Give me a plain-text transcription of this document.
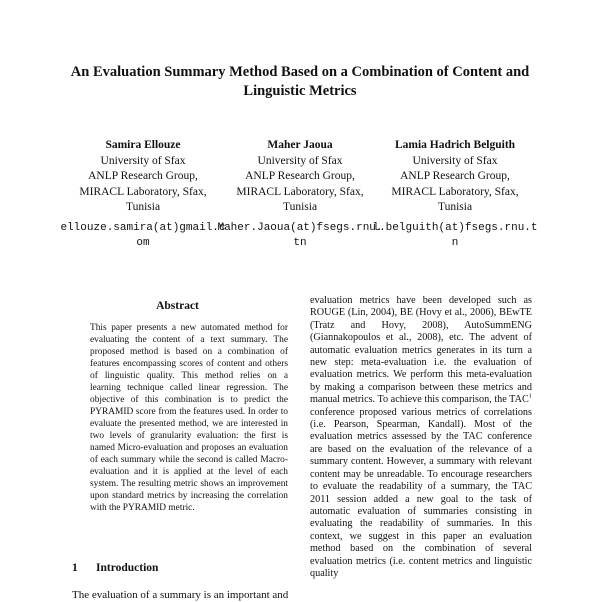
An Evaluation Summary Method Based on a Combination of Content and Linguistic Metrics
Samira Ellouze
University of Sfax
ANLP Research Group,
MIRACL Laboratory, Sfax,
Tunisia
ellouze.samira(at)gmail.com
Maher Jaoua
University of Sfax
ANLP Research Group,
MIRACL Laboratory, Sfax,
Tunisia
Maher.Jaoua(at)fsegs.rnu.tn
Lamia Hadrich Belguith
University of Sfax
ANLP Research Group,
MIRACL Laboratory, Sfax,
Tunisia
l.belguith(at)fsegs.rnu.tn
Abstract
This paper presents a new automated method for evaluating the content of a text summary. The proposed method is based on a combination of features encompassing scores of content and others of linguistic quality. This method relies on a learning technique called linear regression. The objective of this combination is to predict the PYRAMID score from the features used. In order to evaluate the presented method, we are interested in two levels of granularity evaluation: the first is named Micro-evaluation and proposes an evaluation of each summary while the second is called Macro-evaluation and it is applied at the level of each system. The resulting metric shows an improvement upon standard metrics by increasing the correlation with the PYRAMID metric.
1 Introduction
The evaluation of a summary is an important and
evaluation metrics have been developed such as ROUGE (Lin, 2004), BE (Hovy et al., 2006), BEwTE (Tratz and Hovy, 2008), AutoSummENG (Giannakopoulos et al., 2008), etc. The advent of automatic evaluation metrics generates in its turn a new step: meta-evaluation i.e. the evaluation of evaluation metrics. We perform this meta-evaluation by making a comparison between these metrics and manual metrics. To achieve this comparison, the TAC$^1$ conference proposed various metrics of correlations (i.e. Pearson, Spearman, Kandall). Most of the evaluation metrics assessed by the TAC conference are based on the evaluation of the relevance of a summary content. However, a summary with relevant content may be unreadable. To encourage researchers to evaluate the readability of a summary, the TAC 2011 session added a new goal to the task of automatic evaluation of summaries consisting in evaluating the readability of summaries. In this context, we suggest in this paper an evaluation method based on the combination of several evaluation metrics (i.e. content metrics and linguistic quality
